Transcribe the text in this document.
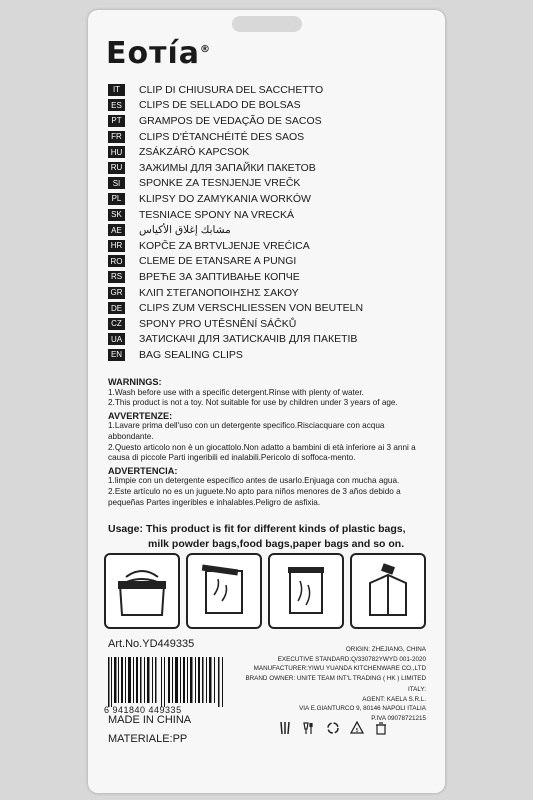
Eотía®
IT	CLIP DI CHIUSURA DEL SACCHETTO
ES	CLIPS DE SELLADO DE BOLSAS
PT	GRAMPOS DE VEDAÇÃO DE SACOS
FR	CLIPS D'ÉTANCHÉITÉ DES SAOS
HU ZSÁKZÁRÓ KAPCSOK
RU ЗАЖИМЫ ДЛЯ ЗАПАЙКИ ПАКЕТОВ
SI	SPONKE ZA TESNJENJE VREČK
PL	KLIPSY DO ZAMYKANIA WORKÓW
SK	TESNIACE SPONY NA VRECKÁ
AE	مشابك إغلاق الأكياس
HR KOPČE ZA BRTVLJENJE VREĆICA
RO CLEME DE ETANSARE A PUNGI
RS ВРЕЋЕ ЗА ЗАПТИВАЊЕ КОПЧЕ
GR ΚΛΙΠ ΣΤΕΓΑΝΟΠΟΙΗΣΗΣ ΣΑΚΟΥ
DE CLIPS ZUM VERSCHLIESSEN VON BEUTELN
CZ	SPONY PRO UTĚSNĚNÍ SÁČKŮ
UA ЗАТИСКАЧІ ДЛЯ ЗАТИСКАЧІВ ДЛЯ ПАКЕТІВ
EN BAG SEALING CLIPS
WARNINGS:
1.Wash before use with a specific detergent.Rinse with plenty of water.
2.This product is not a toy. Not suitable for use by children under 3 years of age.
AVVERTENZE:
1.Lavare prima dell'uso con un detergente specifico.Risciacquare con acqua abbondante.
2.Questo articolo non è un giocattolo.Non adatto a bambini di età inferiore ai 3 anni a causa di piccole Parti ingeribili ed inalabili.Pericolo di soffoca-mento.
ADVERTENCIA:
1.limpie con un detergente específico antes de usarlo.Enjuaga con mucha agua.
2.Este artículo no es un juguete.No apto para niños menores de 3 años debido a pequeñas Partes ingeribles e inhalables.Peligro de asfixia.
Usage: This product is fit for different kinds of plastic bags,
milk powder bags,food bags,paper bags and so on.
Art.No.YD449335	ORIGIN: ZHEJIANG, CHINA
EXECUTIVE STANDARD:Q/330782YWYD 001-2020
MANUFACTURER:YIWU YUANDA KITCHENWARE CO.,LTD
BRAND OWNER: UNITE TEAM INT'L TRADING ( HK ) LIMITED
ITALY:
AGENT: KAELA S.R.L.
VIA E.GIANTURCO 9, 80146 NAPOLI ITALIA
P.IVA 09078721215
6 941840 449335
MADE IN CHINA
MATERIALE:PP
5
